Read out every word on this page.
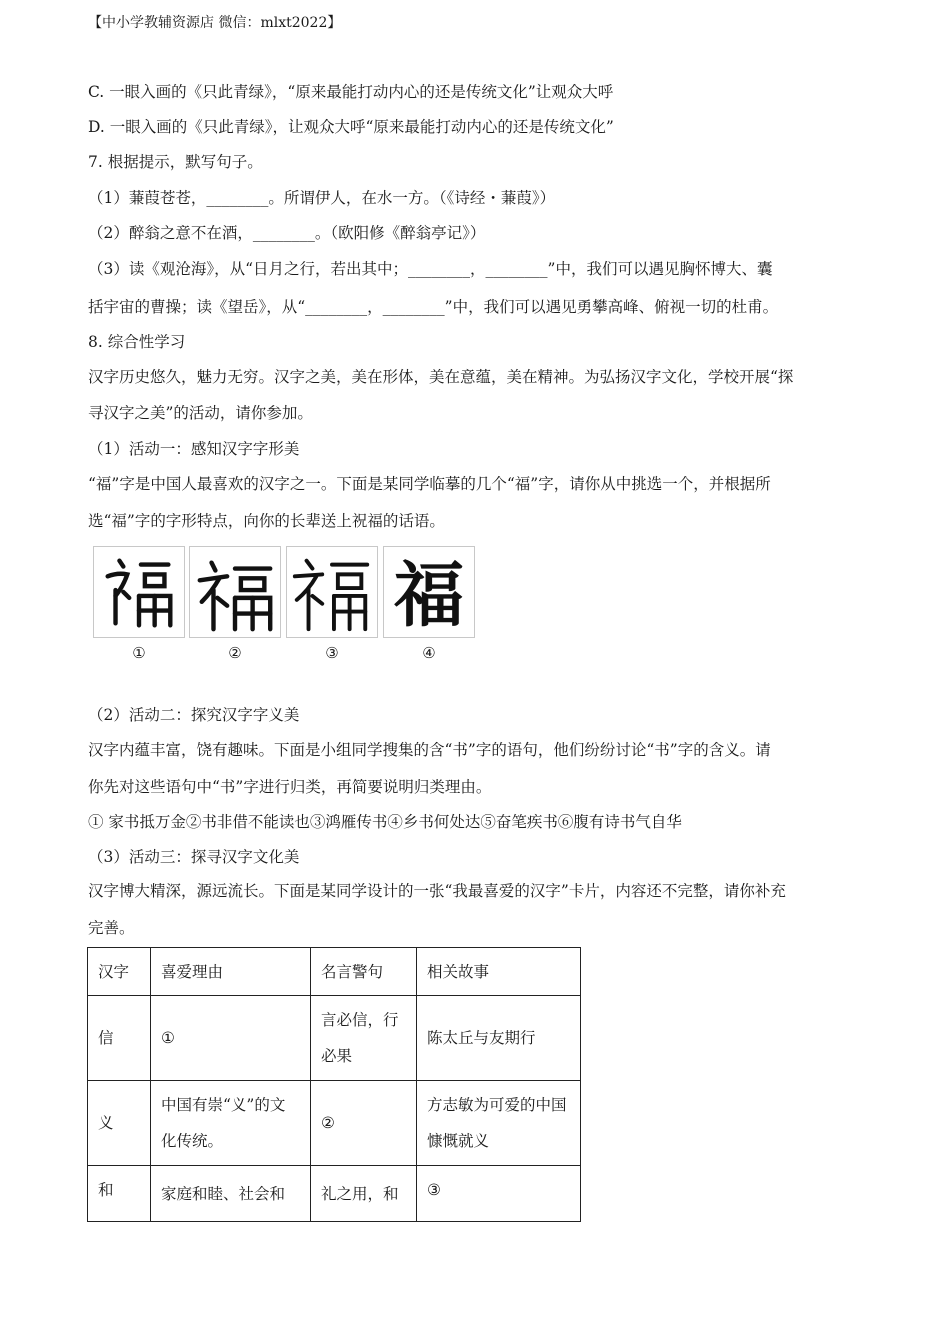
【中小学教辅资源店 微信：mlxt2022】
C. 一眼入画的《只此青绿》，“原来最能打动内心的还是传统文化”让观众大呼
D. 一眼入画的《只此青绿》，让观众大呼“原来最能打动内心的还是传统文化”
7. 根据提示，默写句子。
（1）蒹葭苍苍，________。所谓伊人，在水一方。（《诗经・蒹葭》）
（2）醉翁之意不在酒，________。（欧阳修《醉翁亭记》）
（3）读《观沧海》，从“日月之行，若出其中；________，________”中，我们可以遇见胸怀博大、囊
括宇宙的曹操；读《望岳》，从“________，________”中，我们可以遇见勇攀高峰、俯视一切的杜甫。
8. 综合性学习
汉字历史悠久，魅力无穷。汉字之美，美在形体，美在意蕴，美在精神。为弘扬汉字文化，学校开展“探
寻汉字之美”的活动，请你参加。
（1）活动一：感知汉字字形美
“福”字是中国人最喜欢的汉字之一。下面是某同学临摹的几个“福”字，请你从中挑选一个，并根据所
选“福”字的字形特点，向你的长辈送上祝福的话语。
福
①	②	③	④
（2）活动二：探究汉字字义美
汉字内蕴丰富，饶有趣味。下面是小组同学搜集的含“书”字的语句，他们纷纷讨论“书”字的含义。请
你先对这些语句中“书”字进行归类，再简要说明归类理由。
① 家书抵万金②书非借不能读也③鸿雁传书④乡书何处达⑤奋笔疾书⑥腹有诗书气自华
（3）活动三：探寻汉字文化美
汉字博大精深，源远流长。下面是某同学设计的一张“我最喜爱的汉字”卡片，内容还不完整，请你补充
完善。
汉字	喜爱理由	名言警句	相关故事
信	①	言必信，行必果	陈太丘与友期行
义	中国有崇“义”的文化传统。	②	方志敏为可爱的中国慷慨就义
和	家庭和睦、社会和	礼之用，和	③
